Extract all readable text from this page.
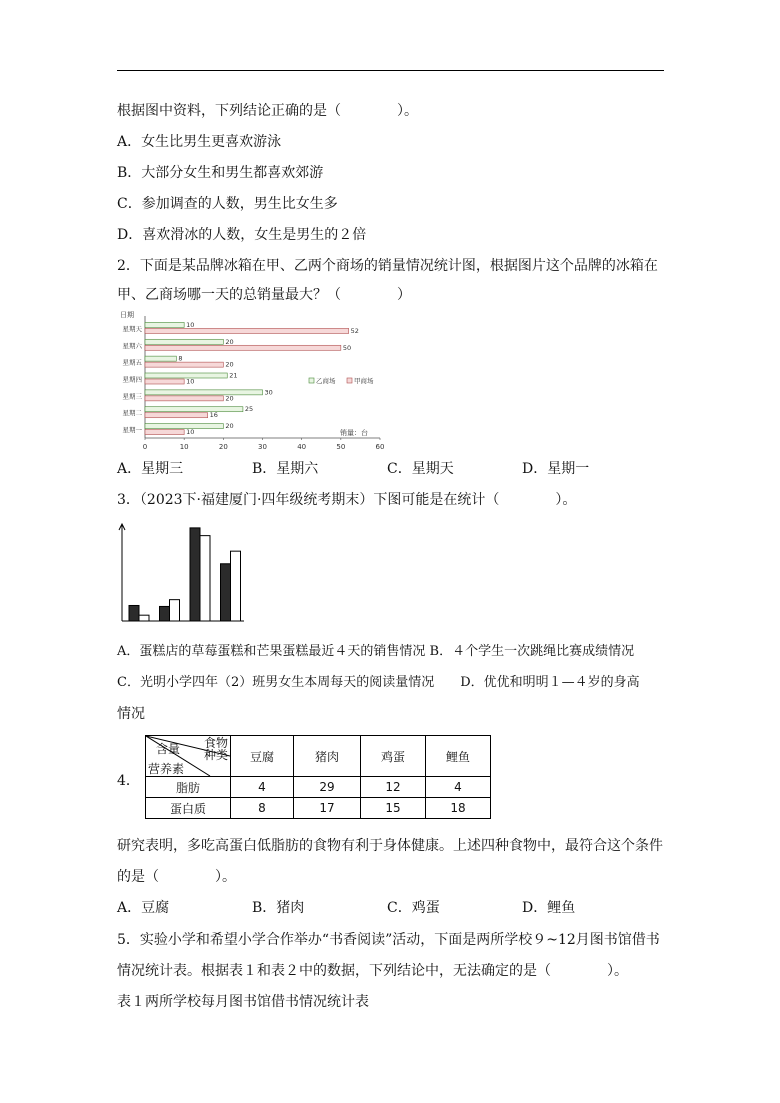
根据图中资料，下列结论正确的是（　　　　）。
A．女生比男生更喜欢游泳
B．大部分女生和男生都喜欢郊游
C．参加调查的人数，男生比女生多
D．喜欢滑冰的人数，女生是男生的２倍
2．下面是某品牌冰箱在甲、乙两个商场的销量情况统计图，根据图片这个品牌的冰箱在
甲、乙商场哪一天的总销量最大？（　　　　）
日期
星期天	10
52
星期六	20
50
星期五	8
20
星期四	21
10
星期三	30
20
星期二	25
16
星期一	20
10
0	10	20	30	40	50	60
销量：台
乙商场	甲商场
A．星期三	B．星期六	C．星期天	D．星期一
3．（2023下·福建厦门·四年级统考期末）下图可能是在统计（　　　　）。
A．蛋糕店的草莓蛋糕和芒果蛋糕最近４天的销售情况 B．４个学生一次跳绳比赛成绩情况
C．光明小学四年（2）班男女生本周每天的阅读量情况　　D．优优和明明１—４岁的身高
情况
4．
食物
种类
含量
营养素	豆腐	猪肉	鸡蛋	鲤鱼
脂肪	4	29	12	4
蛋白质	8	17	15	18
研究表明，多吃高蛋白低脂肪的食物有利于身体健康。上述四种食物中，最符合这个条件
的是（　　　　）。
A．豆腐	B．猪肉	C．鸡蛋	D．鲤鱼
5．实验小学和希望小学合作举办“书香阅读”活动，下面是两所学校９~12月图书馆借书
情况统计表。根据表１和表２中的数据，下列结论中，无法确定的是（　　　　）。
表１两所学校每月图书馆借书情况统计表
